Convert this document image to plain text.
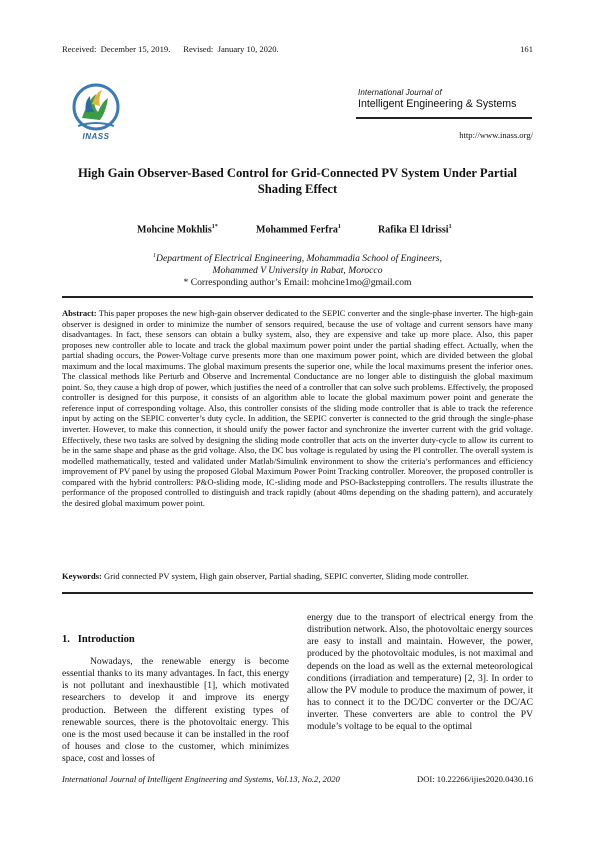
Received:  December 15, 2019.      Revised:  January 10, 2020.	161
INASS
International Journal of
Intelligent Engineering & Systems
http://www.inass.org/
High Gain Observer-Based Control for Grid-Connected PV System Under Partial Shading Effect
Mohcine Mokhlis$^{1*}$	Mohammed Ferfra$^1$	Rafika El Idrissi$^1$
$^1$Department of Electrical Engineering, Mohammadia School of Engineers,
Mohammed V University in Rabat, Morocco
* Corresponding author’s Email: mohcine1mo@gmail.com
Abstract: This paper proposes the new high-gain observer dedicated to the SEPIC converter and the single-phase inverter. The high-gain observer is designed in order to minimize the number of sensors required, because the use of voltage and current sensors have many disadvantages. In fact, these sensors can obtain a bulky system, also, they are expensive and take up more place. Also, this paper proposes new controller able to locate and track the global maximum power point under the partial shading effect. Actually, when the partial shading occurs, the Power-Voltage curve presents more than one maximum power point, which are divided between the global maximum and the local maximums. The global maximum presents the superior one, while the local maximums present the inferior ones. The classical methods like Perturb and Observe and Incremental Conductance are no longer able to distinguish the global maximum point. So, they cause a high drop of power, which justifies the need of a controller that can solve such problems. Effectively, the proposed controller is designed for this purpose, it consists of an algorithm able to locate the global maximum power point and generate the reference input of corresponding voltage. Also, this controller consists of the sliding mode controller that is able to track the reference input by acting on the SEPIC converter’s duty cycle. In addition, the SEPIC converter is connected to the grid through the single-phase inverter. However, to make this connection, it should unify the power factor and synchronize the inverter current with the grid voltage. Effectively, these two tasks are solved by designing the sliding mode controller that acts on the inverter duty-cycle to allow its current to be in the same shape and phase as the grid voltage. Also, the DC bus voltage is regulated by using the PI controller. The overall system is modelled mathematically, tested and validated under Matlab/Simulink environment to show the criteria’s performances and efficiency improvement of PV panel by using the proposed Global Maximum Power Point Tracking controller. Moreover, the proposed controller is compared with the hybrid controllers: P&O-sliding mode, IC-sliding mode and PSO-Backstepping controllers. The results illustrate the performance of the proposed controlled to distinguish and track rapidly (about 40ms depending on the shading pattern), and accurately the desired global maximum power point.
Keywords: Grid connected PV system, High gain observer, Partial shading, SEPIC converter, Sliding mode controller.
1.   Introduction
Nowadays, the renewable energy is become essential thanks to its many advantages. In fact, this energy is not pollutant and inexhaustible [1], which motivated researchers to develop it and improve its energy production. Between the different existing types of renewable sources, there is the photovoltaic energy. This one is the most used because it can be installed in the roof of houses and close to the customer, which minimizes space, cost and losses of
energy due to the transport of electrical energy from the distribution network. Also, the photovoltaic energy sources are easy to install and maintain. However, the power, produced by the photovoltaic modules, is not maximal and depends on the load as well as the external meteorological conditions (irradiation and temperature) [2, 3]. In order to allow the PV module to produce the maximum of power, it has to connect it to the DC/DC converter or the DC/AC inverter. These converters are able to control the PV module’s voltage to be equal to the optimal
International Journal of Intelligent Engineering and Systems, Vol.13, No.2, 2020	DOI: 10.22266/ijies2020.0430.16
